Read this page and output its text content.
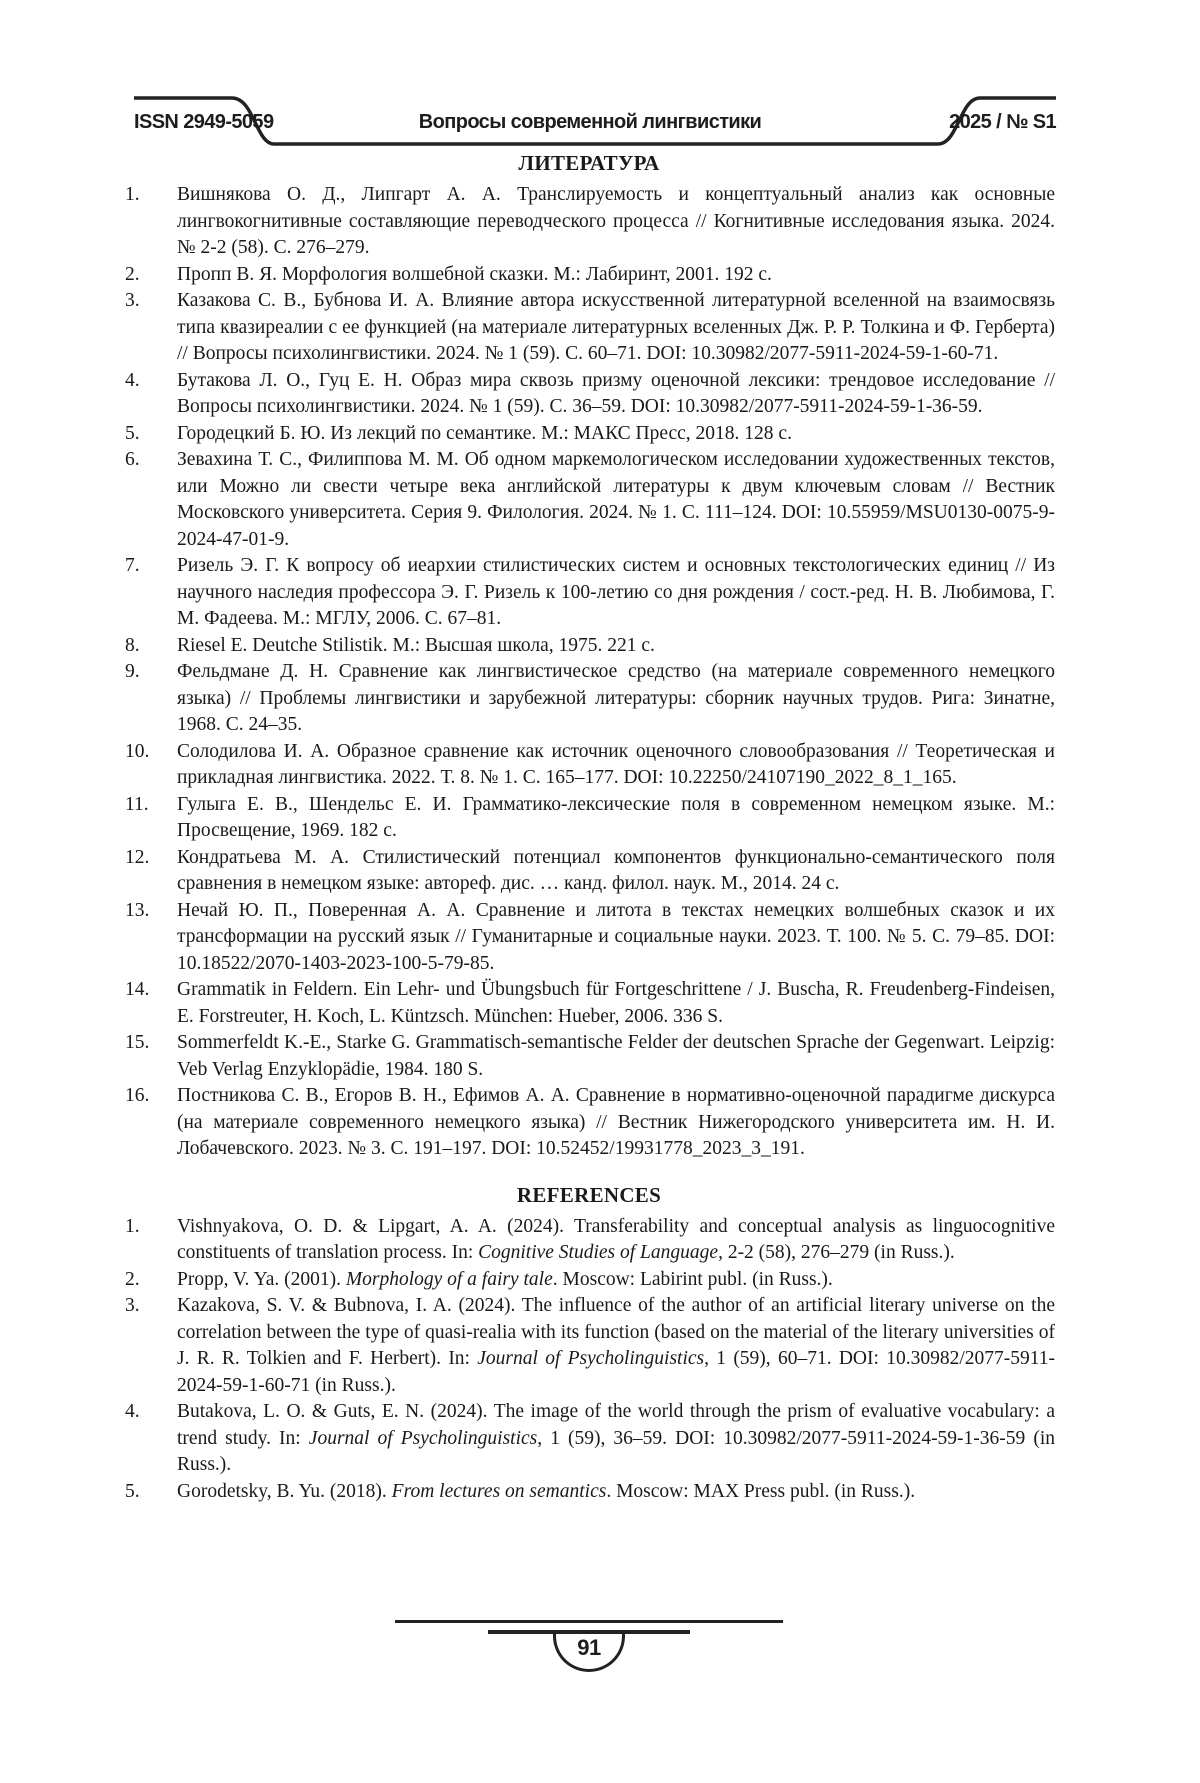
ISSN 2949-5059	Вопросы современной лингвистики	2025 / № S1
ЛИТЕРАТУРА
1. Вишнякова О. Д., Липгарт А. А. Транслируемость и концептуальный анализ как основные лингвокогнитивные составляющие переводческого процесса // Когнитивные исследования языка. 2024. № 2-2 (58). С. 276–279.
2. Пропп В. Я. Морфология волшебной сказки. М.: Лабиринт, 2001. 192 с.
3. Казакова С. В., Бубнова И. А. Влияние автора искусственной литературной вселенной на взаимосвязь типа квазиреалии с ее функцией (на материале литературных вселенных Дж. Р. Р. Толкина и Ф. Герберта) // Вопросы психолингвистики. 2024. № 1 (59). С. 60–71. DOI: 10.30982/2077-5911-2024-59-1-60-71.
4. Бутакова Л. О., Гуц Е. Н. Образ мира сквозь призму оценочной лексики: трендовое исследование // Вопросы психолингвистики. 2024. № 1 (59). С. 36–59. DOI: 10.30982/2077-5911-2024-59-1-36-59.
5. Городецкий Б. Ю. Из лекций по семантике. М.: МАКС Пресс, 2018. 128 с.
6. Зевахина Т. С., Филиппова М. М. Об одном маркемологическом исследовании художественных текстов, или Можно ли свести четыре века английской литературы к двум ключевым словам // Вестник Московского университета. Серия 9. Филология. 2024. № 1. С. 111–124. DOI: 10.55959/MSU0130-0075-9-2024-47-01-9.
7. Ризель Э. Г. К вопросу об иеархии стилистических систем и основных текстологических единиц // Из научного наследия профессора Э. Г. Ризель к 100-летию со дня рождения / сост.-ред. Н. В. Любимова, Г. М. Фадеева. М.: МГЛУ, 2006. С. 67–81.
8. Riesel E. Deutche Stilistik. М.: Высшая школа, 1975. 221 с.
9. Фельдмане Д. Н. Сравнение как лингвистическое средство (на материале современного немецкого языка) // Проблемы лингвистики и зарубежной литературы: сборник научных трудов. Рига: Зинатне, 1968. С. 24–35.
10. Солодилова И. А. Образное сравнение как источник оценочного словообразования // Теоретическая и прикладная лингвистика. 2022. Т. 8. № 1. С. 165–177. DOI: 10.22250/24107190_2022_8_1_165.
11. Гулыга Е. В., Шендельс Е. И. Грамматико-лексические поля в современном немецком языке. М.: Просвещение, 1969. 182 с.
12. Кондратьева М. А. Стилистический потенциал компонентов функционально-семантического поля сравнения в немецком языке: автореф. дис. … канд. филол. наук. М., 2014. 24 с.
13. Нечай Ю. П., Поверенная А. А. Сравнение и литота в текстах немецких волшебных сказок и их трансформации на русский язык // Гуманитарные и социальные науки. 2023. Т. 100. № 5. С. 79–85. DOI: 10.18522/2070-1403-2023-100-5-79-85.
14. Grammatik in Feldern. Ein Lehr- und Übungsbuch für Fortgeschrittene / J. Buscha, R. Freudenberg-Findeisen, E. Forstreuter, H. Koch, L. Küntzsch. München: Hueber, 2006. 336 S.
15. Sommerfeldt K.-E., Starke G. Grammatisch-semantische Felder der deutschen Sprache der Gegenwart. Leipzig: Veb Verlag Enzyklopädie, 1984. 180 S.
16. Постникова С. В., Егоров В. Н., Ефимов А. А. Сравнение в нормативно-оценочной парадигме дискурса (на материале современного немецкого языка) // Вестник Нижегородского университета им. Н. И. Лобачевского. 2023. № 3. С. 191–197. DOI: 10.52452/19931778_2023_3_191.
REFERENCES
1. Vishnyakova, O. D. & Lipgart, A. A. (2024). Transferability and conceptual analysis as linguocognitive constituents of translation process. In: Cognitive Studies of Language, 2-2 (58), 276–279 (in Russ.).
2. Propp, V. Ya. (2001). Morphology of a fairy tale. Moscow: Labirint publ. (in Russ.).
3. Kazakova, S. V. & Bubnova, I. A. (2024). The influence of the author of an artificial literary universe on the correlation between the type of quasi-realia with its function (based on the material of the literary universities of J. R. R. Tolkien and F. Herbert). In: Journal of Psycholinguistics, 1 (59), 60–71. DOI: 10.30982/2077-5911-2024-59-1-60-71 (in Russ.).
4. Butakova, L. O. & Guts, E. N. (2024). The image of the world through the prism of evaluative vocabulary: a trend study. In: Journal of Psycholinguistics, 1 (59), 36–59. DOI: 10.30982/2077-5911-2024-59-1-36-59 (in Russ.).
5. Gorodetsky, B. Yu. (2018). From lectures on semantics. Moscow: MAX Press publ. (in Russ.).
91
